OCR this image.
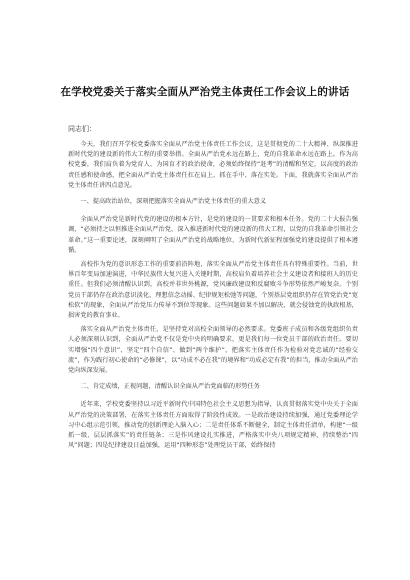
在学校党委关于落实全面从严治党主体责任工作会议上的讲话
同志们：

今天，我们召开学校党委落实全面从严治党主体责任工作会议，这是贯彻党的二十大精神、纵深推进新时代党的建设新的伟大工程的重要举措。全面从严治党永远在路上，党的自我革命永远在路上。作为高校党委，我们肩负着为党育人、为国育才的政治使命，必须始终保持“赶考”的清醒和坚定，以高度的政治责任感和使命感，把全面从严治党主体责任扛在肩上、抓在手中、落在实处。下面，我就落实全面从严治党主体责任讲四点意见。

一、提高政治站位，深刻把握落实全面从严治党主体责任的重大意义

全面从严治党是新时代党的建设的根本方针，是党的建设的一贯要求和根本任务。党的二十大报告强调，“必须持之以恒推进全面从严治党，深入推进新时代党的建设新的伟大工程，以党的自我革命引领社会革命。”这一重要论述，深刻阐明了全面从严治党的战略地位，为新时代新征程加强党的建设提供了根本遵循。

高校作为党的意识形态工作的重要前沿阵地，落实全面从严治党主体责任具有特殊重要性。当前，世界百年变局加速演进，中华民族伟大复兴进入关键时期，高校肩负着培养社会主义建设者和接班人的历史重任。但我们必须清醒认识到，高校并非世外桃源，党风廉政建设和反腐败斗争形势依然严峻复杂。个别党员干部仍存在政治意识淡化、理想信念动摇、纪律规矩松弛等问题，个别基层党组织仍存在管党治党“宽松软”的现象，全面从严治党压力传导不到位等现象。这些问题如果不加以解决，就会侵蚀党的执政根基，损害党的教育事业。

落实全面从严治党主体责任，是坚持党对高校全面领导的必然要求。党委班子成员和各级党组织负责人必须深刻认识到，全面从严治党不仅是党中央的明确要求，更是我们每一位党员干部的政治责任。要切实增强“四个意识”、坚定“四个自信”、做到“两个维护”，把落实主体责任作为检验对党忠诚的“经验交流”，作为践行初心使命的“必修课”，以“功成不必在我”的境界和“功成必定有我”的担当，推动全面从严治党向纵深发展。

二、肯定成绩，正视问题，清醒认识全面从严治党面临的形势任务

近年来，学校党委坚持以习近平新时代中国特色社会主义思想为指导，认真贯彻落实党中央关于全面从严治党的决策部署，在落实主体责任方面取得了阶段性成效。一是政治建设持续加强，通过党委理论学习中心组示范引领，推动党的创新理论入脑入心；二是责任体系不断健全，制定主体责任清单，构建“一级抓一级、层层抓落实”的责任链条；三是作风建设扎实推进，严格落实中央八项规定精神，持续整治“四风”问题；四是纪律建设日益加强，运用“四种形态”处理党员干部，始终保持
